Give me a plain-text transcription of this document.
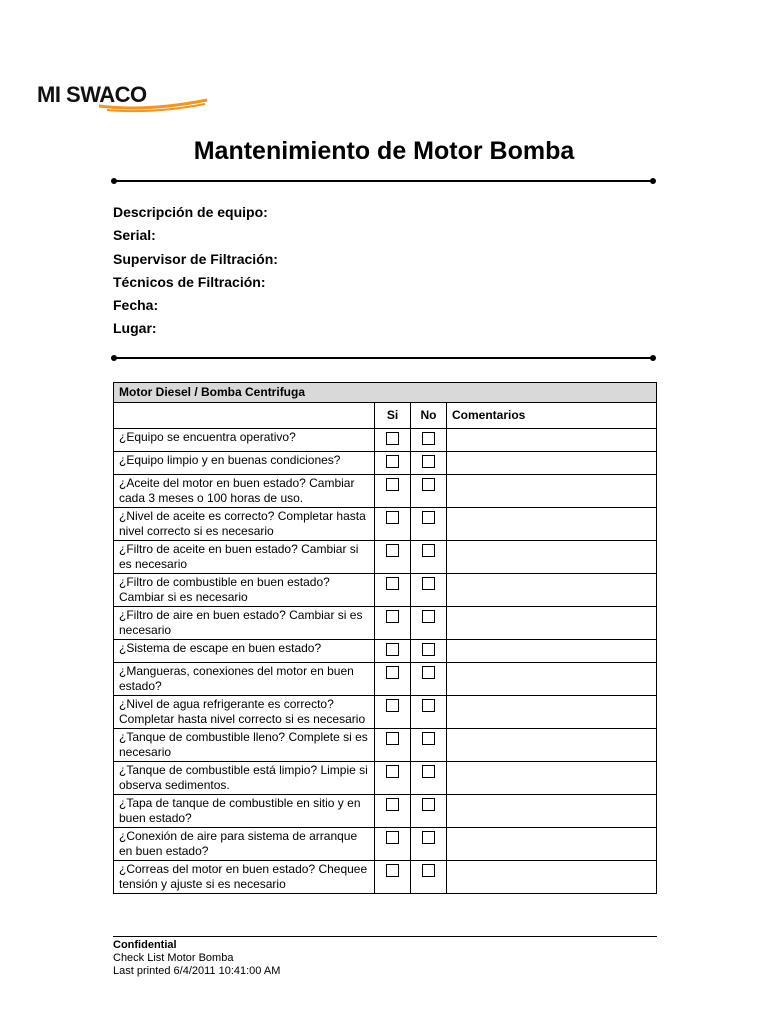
MI SWACO
Mantenimiento de Motor Bomba
Descripción de equipo:
Serial:
Supervisor de Filtración:
Técnicos de Filtración:
Fecha:
Lugar:
Motor Diesel / Bomba Centrifuga			
	Si	No	Comentarios
¿Equipo se encuentra operativo?			
¿Equipo limpio y en buenas condiciones?			
¿Aceite del motor en buen estado? Cambiar cada 3 meses o 100 horas de uso.			
¿Nivel de aceite es correcto? Completar hasta nivel correcto si es necesario			
¿Filtro de aceite en buen estado? Cambiar si es necesario			
¿Filtro de combustible en buen estado? Cambiar si es necesario			
¿Filtro de aire en buen estado? Cambiar si es necesario			
¿Sistema de escape en buen estado?			
¿Mangueras, conexiones del motor en buen estado?			
¿Nivel de agua refrigerante es correcto? Completar hasta nivel correcto si es necesario			
¿Tanque de combustible lleno? Complete si es necesario			
¿Tanque de combustible está limpio? Limpie si observa sedimentos.			
¿Tapa de tanque de combustible en sitio y en buen estado?			
¿Conexión de aire para sistema de arranque en buen estado?			
¿Correas del motor en buen estado? Chequee tensión y ajuste si es necesario			
Confidential
Check List Motor Bomba
Last printed 6/4/2011 10:41:00 AM
